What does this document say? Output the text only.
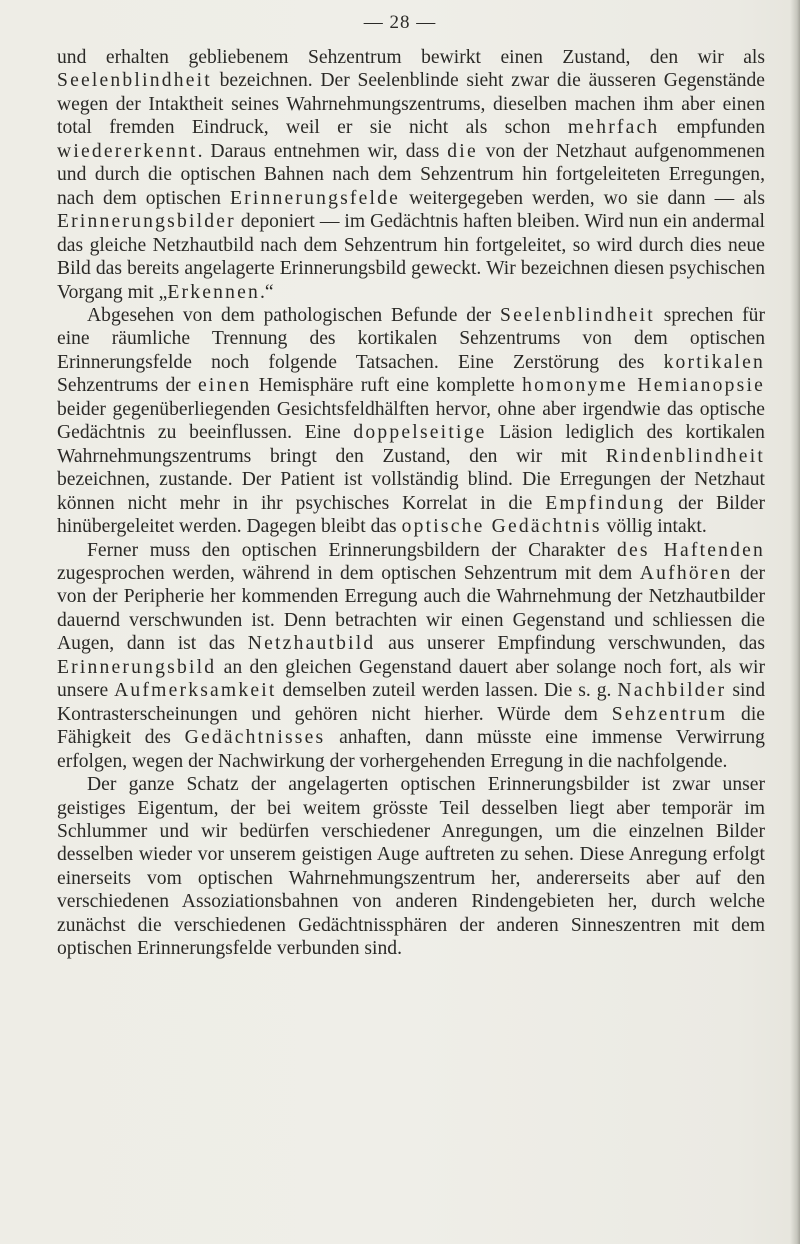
— 28 —

und erhalten gebliebenem Sehzentrum bewirkt einen Zustand, den wir als Seelenblindheit bezeichnen. Der Seelenblinde sieht zwar die äusseren Gegenstände wegen der Intaktheit seines Wahrnehmungszentrums, dieselben machen ihm aber einen total fremden Eindruck, weil er sie nicht als schon mehrfach empfunden wiedererkennt. Daraus entnehmen wir, dass die von der Netzhaut aufgenommenen und durch die optischen Bahnen nach dem Sehzentrum hin fortgeleiteten Erregungen, nach dem optischen Erinnerungsfelde weitergegeben werden, wo sie dann — als Erinnerungsbilder deponiert — im Gedächtnis haften bleiben. Wird nun ein andermal das gleiche Netzhautbild nach dem Sehzentrum hin fortgeleitet, so wird durch dies neue Bild das bereits angelagerte Erinnerungsbild geweckt. Wir bezeichnen diesen psychischen Vorgang mit „Erkennen.“

Abgesehen von dem pathologischen Befunde der Seelenblindheit sprechen für eine räumliche Trennung des kortikalen Sehzentrums von dem optischen Erinnerungsfelde noch folgende Tatsachen. Eine Zerstörung des kortikalen Sehzentrums der einen Hemisphäre ruft eine komplette homonyme Hemianopsie beider gegenüberliegenden Gesichtsfeldhälften hervor, ohne aber irgendwie das optische Gedächtnis zu beeinflussen. Eine doppelseitige Läsion lediglich des kortikalen Wahrnehmungszentrums bringt den Zustand, den wir mit Rindenblindheit bezeichnen, zustande. Der Patient ist vollständig blind. Die Erregungen der Netzhaut können nicht mehr in ihr psychisches Korrelat in die Empfindung der Bilder hinübergeleitet werden. Dagegen bleibt das optische Gedächtnis völlig intakt.

Ferner muss den optischen Erinnerungsbildern der Charakter des Haftenden zugesprochen werden, während in dem optischen Sehzentrum mit dem Aufhören der von der Peripherie her kommenden Erregung auch die Wahrnehmung der Netzhautbilder dauernd verschwunden ist. Denn betrachten wir einen Gegenstand und schliessen die Augen, dann ist das Netzhautbild aus unserer Empfindung verschwunden, das Erinnerungsbild an den gleichen Gegenstand dauert aber solange noch fort, als wir unsere Aufmerksamkeit demselben zuteil werden lassen. Die s. g. Nachbilder sind Kontrasterscheinungen und gehören nicht hierher. Würde dem Sehzentrum die Fähigkeit des Gedächtnisses anhaften, dann müsste eine immense Verwirrung erfolgen, wegen der Nachwirkung der vorhergehenden Erregung in die nachfolgende.

Der ganze Schatz der angelagerten optischen Erinnerungsbilder ist zwar unser geistiges Eigentum, der bei weitem grösste Teil desselben liegt aber temporär im Schlummer und wir bedürfen verschiedener Anregungen, um die einzelnen Bilder desselben wieder vor unserem geistigen Auge auftreten zu sehen. Diese Anregung erfolgt einerseits vom optischen Wahrnehmungszentrum her, andererseits aber auf den verschiedenen Assoziationsbahnen von anderen Rindengebieten her, durch welche zunächst die verschiedenen Gedächtnissphären der anderen Sinneszentren mit dem optischen Erinnerungsfelde verbunden sind.
